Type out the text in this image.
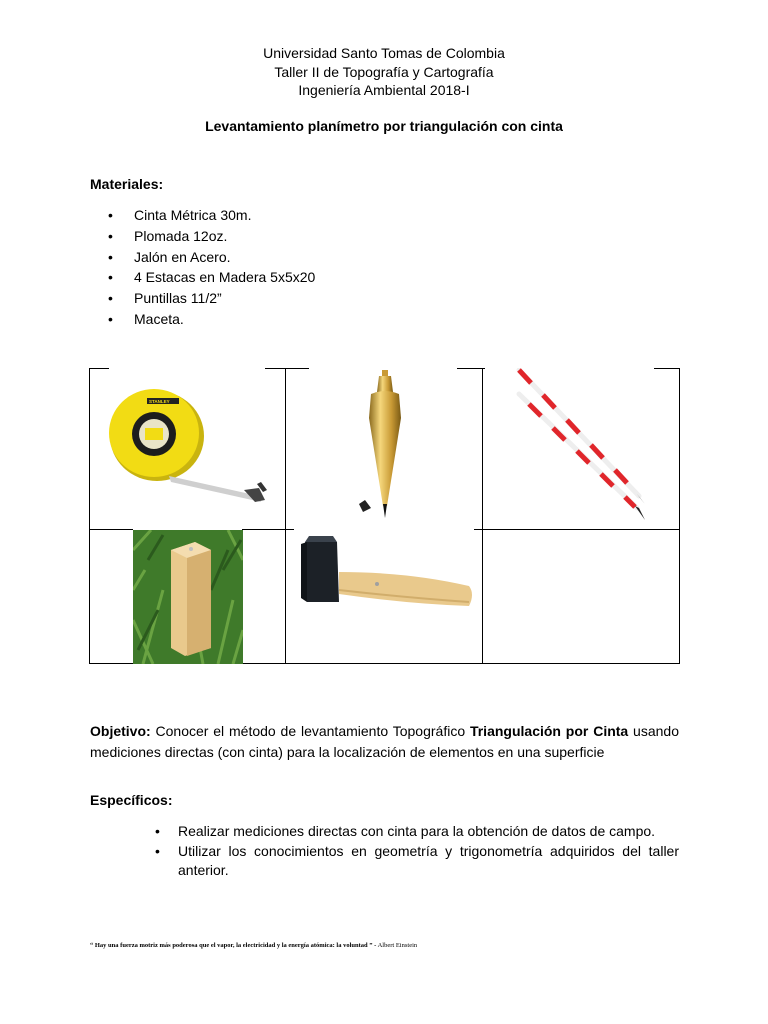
Universidad Santo Tomas de Colombia
Taller II de Topografía y Cartografía
Ingeniería Ambiental 2018-I
Levantamiento planímetro por triangulación con cinta
Materiales:
• Cinta Métrica 30m.
• Plomada 12oz.
• Jalón en Acero.
• 4 Estacas en Madera 5x5x20
• Puntillas 11/2”
• Maceta.
STANLEY
Objetivo: Conocer el método de levantamiento Topográfico Triangulación por Cinta usando mediciones directas (con cinta) para la localización de elementos en una superficie
Específicos:
• Realizar mediciones directas con cinta para la obtención de datos de campo.
• Utilizar los conocimientos en geometría y trigonometría adquiridos del taller anterior.
“ Hay una fuerza motriz más poderosa que el vapor, la electricidad y la energía atómica: la voluntad ” - Albert Einstein
